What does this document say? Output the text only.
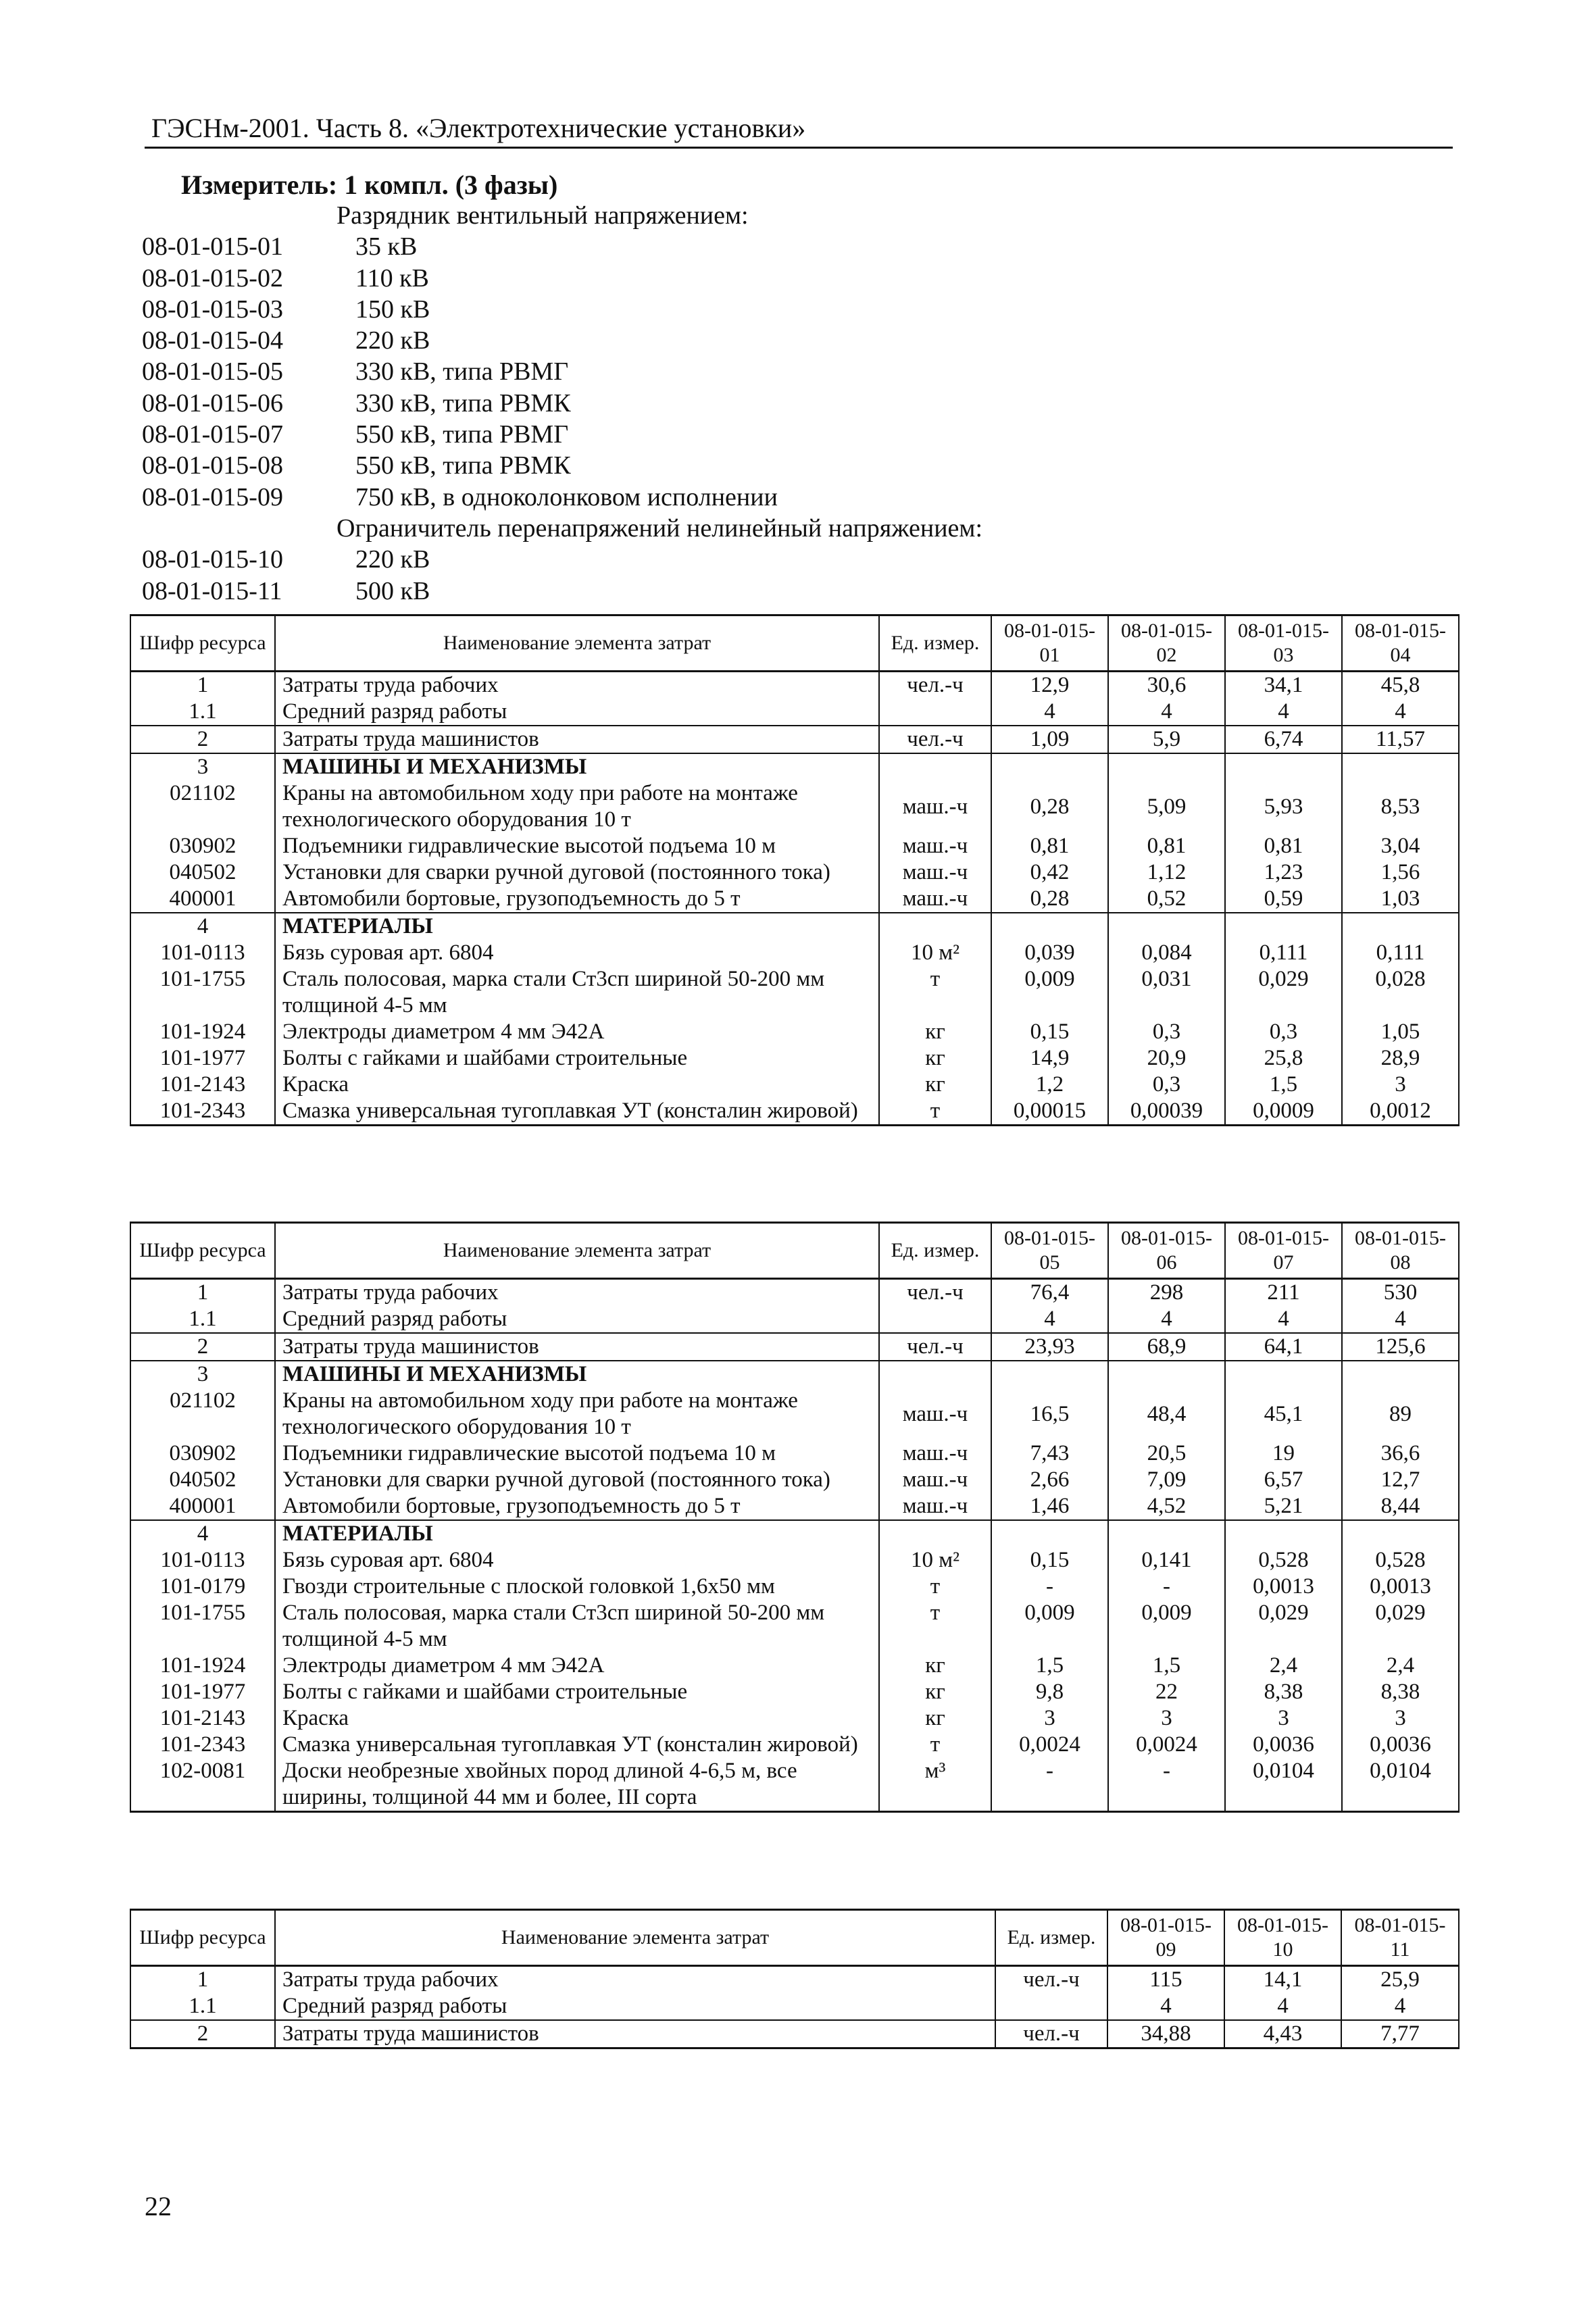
ГЭСНм-2001. Часть 8. «Электротехнические установки»
Измеритель: 1 компл. (3 фазы)
Разрядник вентильный напряжением:
08-01-015-01	35 кВ
08-01-015-02	110 кВ
08-01-015-03	150 кВ
08-01-015-04	220 кВ
08-01-015-05	330 кВ, типа РВМГ
08-01-015-06	330 кВ, типа РВМК
08-01-015-07	550 кВ, типа РВМГ
08-01-015-08	550 кВ, типа РВМК
08-01-015-09	750 кВ, в одноколонковом исполнении
Ограничитель перенапряжений нелинейный напряжением:
08-01-015-10	220 кВ
08-01-015-11	500 кВ
Шифр ресурса	Наименование элемента затрат	Ед. измер.	08-01-015-01	08-01-015-02	08-01-015-03	08-01-015-04
1	Затраты труда рабочих	чел.-ч	12,9	30,6	34,1	45,8
1.1	Средний разряд работы		4	4	4	4
2	Затраты труда машинистов	чел.-ч	1,09	5,9	6,74	11,57
3	МАШИНЫ И МЕХАНИЗМЫ					
021102	Краны на автомобильном ходу при работе на монтаже технологического оборудования 10 т	маш.-ч	0,28	5,09	5,93	8,53
030902	Подъемники гидравлические высотой подъема 10 м	маш.-ч	0,81	0,81	0,81	3,04
040502	Установки для сварки ручной дуговой (постоянного тока)	маш.-ч	0,42	1,12	1,23	1,56
400001	Автомобили бортовые, грузоподъемность до 5 т	маш.-ч	0,28	0,52	0,59	1,03
4	МАТЕРИАЛЫ					
101-0113	Бязь суровая арт. 6804	10 м²	0,039	0,084	0,111	0,111
101-1755	Сталь полосовая, марка стали Ст3сп шириной 50-200 мм толщиной 4-5 мм	т	0,009	0,031	0,029	0,028
101-1924	Электроды диаметром 4 мм Э42А	кг	0,15	0,3	0,3	1,05
101-1977	Болты с гайками и шайбами строительные	кг	14,9	20,9	25,8	28,9
101-2143	Краска	кг	1,2	0,3	1,5	3
101-2343	Смазка универсальная тугоплавкая УТ (консталин жировой)	т	0,00015	0,00039	0,0009	0,0012
Шифр ресурса	Наименование элемента затрат	Ед. измер.	08-01-015-05	08-01-015-06	08-01-015-07	08-01-015-08
1	Затраты труда рабочих	чел.-ч	76,4	298	211	530
1.1	Средний разряд работы		4	4	4	4
2	Затраты труда машинистов	чел.-ч	23,93	68,9	64,1	125,6
3	МАШИНЫ И МЕХАНИЗМЫ					
021102	Краны на автомобильном ходу при работе на монтаже технологического оборудования 10 т	маш.-ч	16,5	48,4	45,1	89
030902	Подъемники гидравлические высотой подъема 10 м	маш.-ч	7,43	20,5	19	36,6
040502	Установки для сварки ручной дуговой (постоянного тока)	маш.-ч	2,66	7,09	6,57	12,7
400001	Автомобили бортовые, грузоподъемность до 5 т	маш.-ч	1,46	4,52	5,21	8,44
4	МАТЕРИАЛЫ					
101-0113	Бязь суровая арт. 6804	10 м²	0,15	0,141	0,528	0,528
101-0179	Гвозди строительные с плоской головкой 1,6х50 мм	т	-	-	0,0013	0,0013
101-1755	Сталь полосовая, марка стали Ст3сп шириной 50-200 мм толщиной 4-5 мм	т	0,009	0,009	0,029	0,029
101-1924	Электроды диаметром 4 мм Э42А	кг	1,5	1,5	2,4	2,4
101-1977	Болты с гайками и шайбами строительные	кг	9,8	22	8,38	8,38
101-2143	Краска	кг	3	3	3	3
101-2343	Смазка универсальная тугоплавкая УТ (консталин жировой)	т	0,0024	0,0024	0,0036	0,0036
102-0081	Доски необрезные хвойных пород длиной 4-6,5 м, все ширины, толщиной 44 мм и более, III сорта	м³	-	-	0,0104	0,0104
Шифр ресурса	Наименование элемента затрат	Ед. измер.	08-01-015-09	08-01-015-10	08-01-015-11
1	Затраты труда рабочих	чел.-ч	115	14,1	25,9
1.1	Средний разряд работы		4	4	4
2	Затраты труда машинистов	чел.-ч	34,88	4,43	7,77
22
